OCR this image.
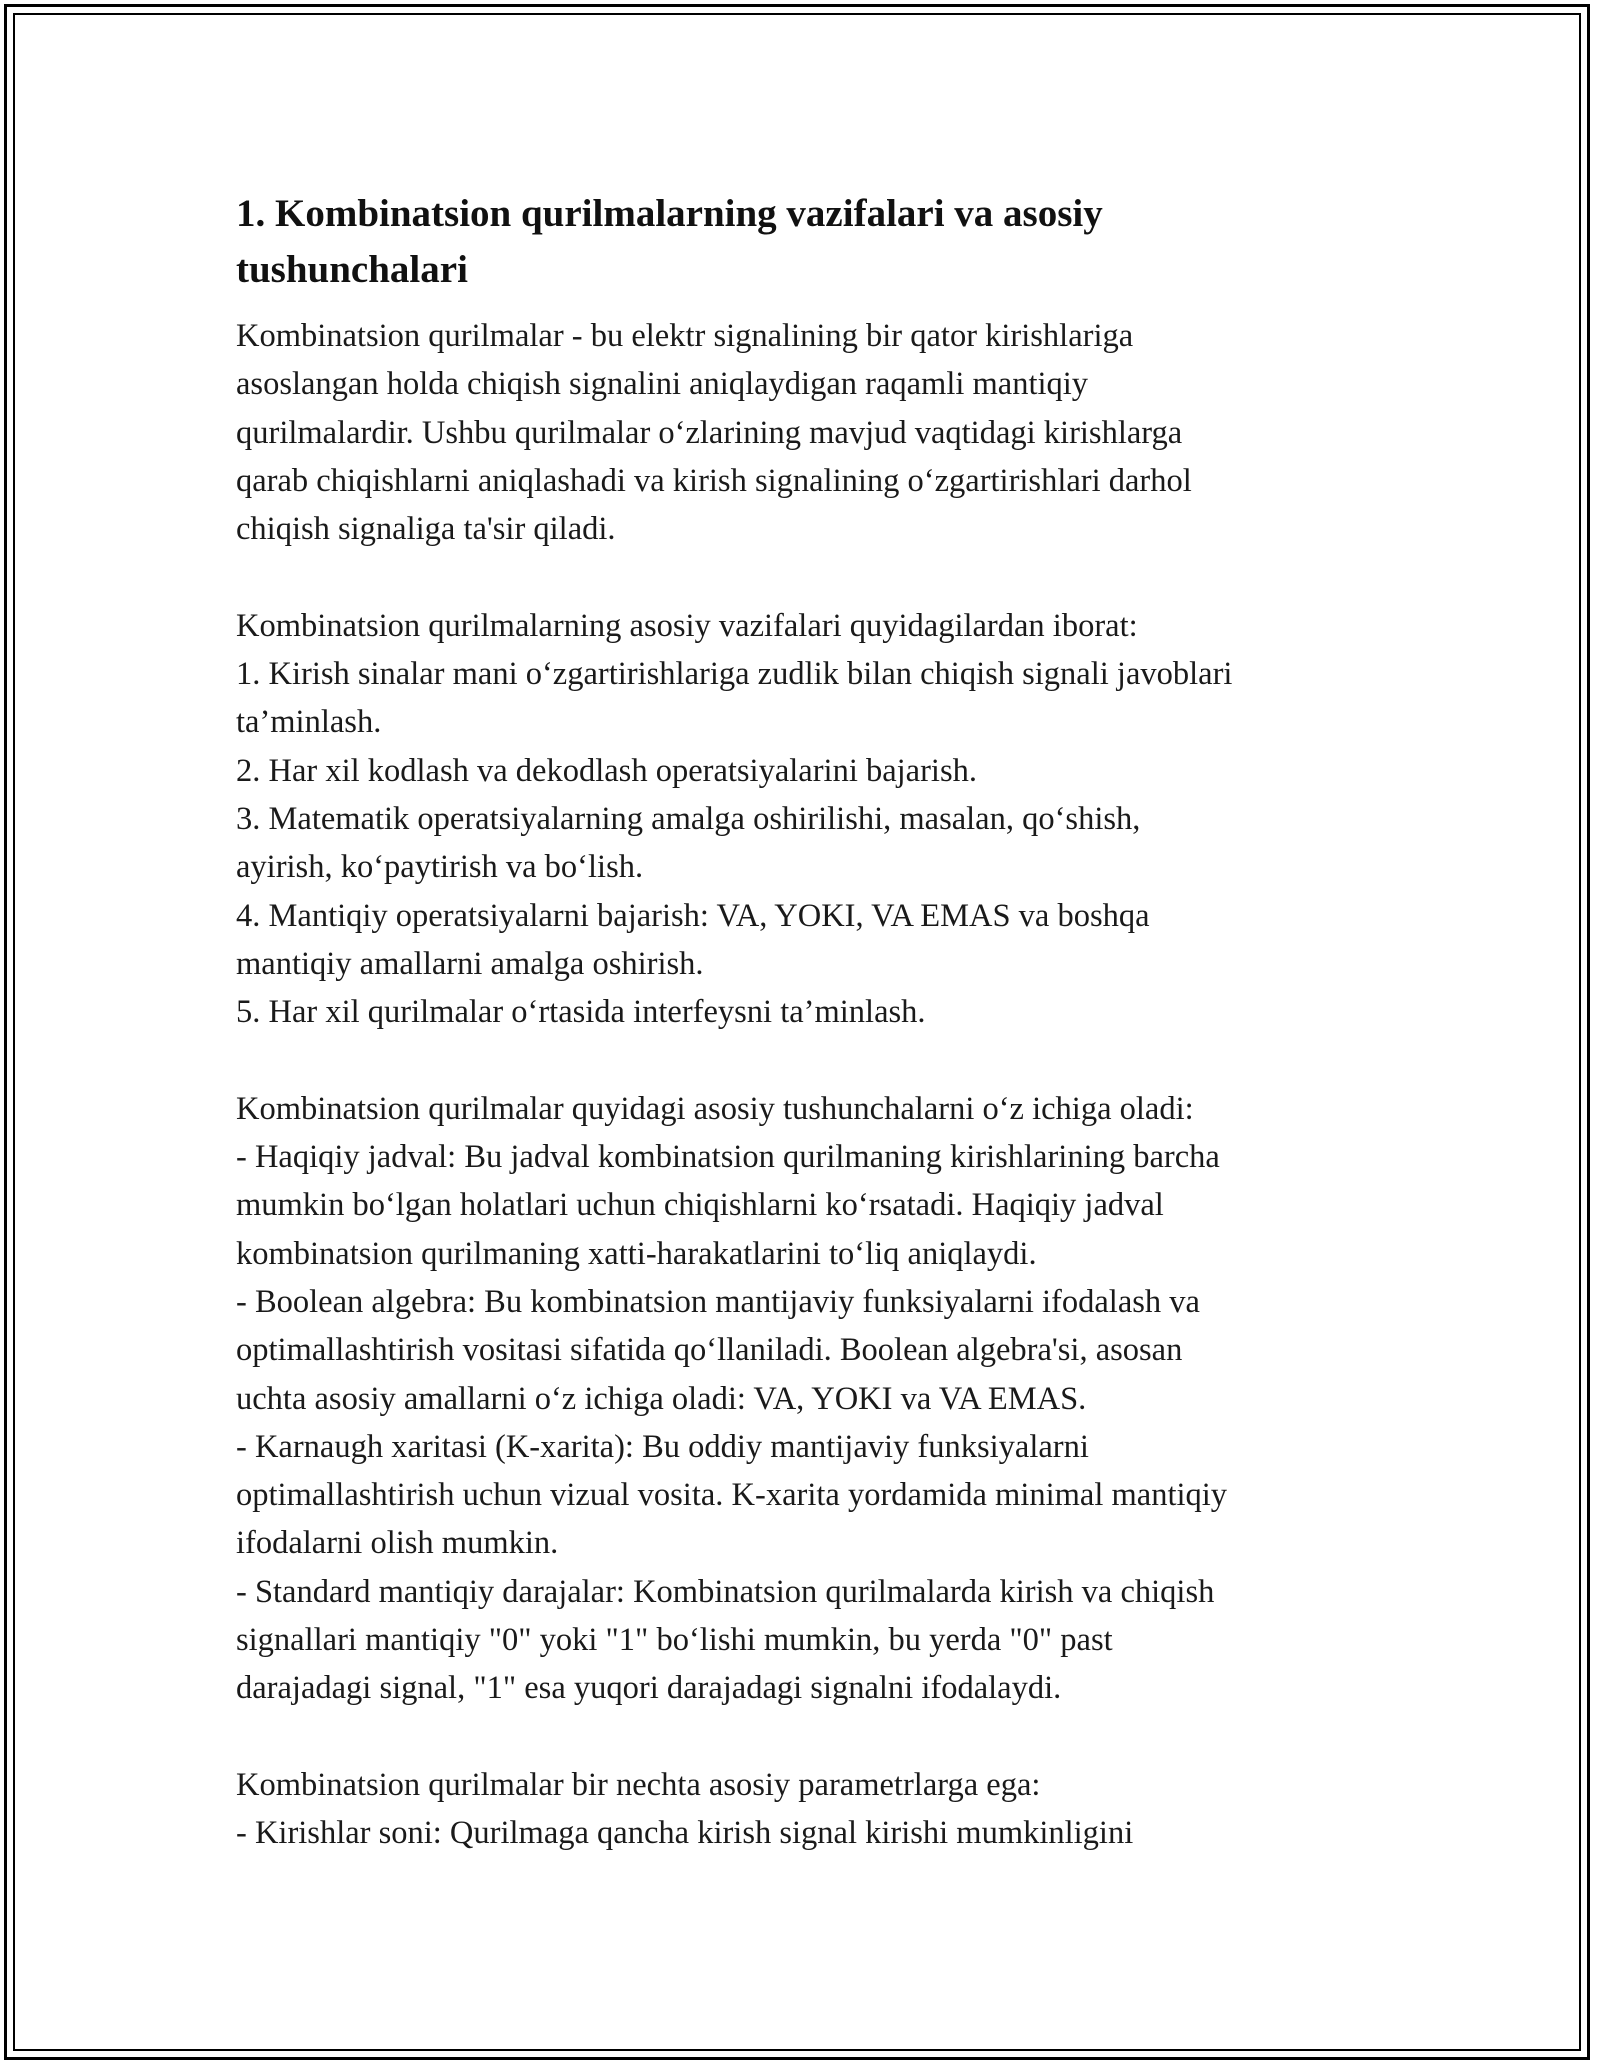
1. Kombinatsion qurilmalarning vazifalari va asosiy
tushunchalari
Kombinatsion qurilmalar - bu elektr signalining bir qator kirishlariga
asoslangan holda chiqish signalini aniqlaydigan raqamli mantiqiy
qurilmalardir. Ushbu qurilmalar o‘zlarining mavjud vaqtidagi kirishlarga
qarab chiqishlarni aniqlashadi va kirish signalining o‘zgartirishlari darhol
chiqish signaliga ta'sir qiladi.
Kombinatsion qurilmalarning asosiy vazifalari quyidagilardan iborat:
1. Kirish sinalar mani o‘zgartirishlariga zudlik bilan chiqish signali javoblari
ta’minlash.
2. Har xil kodlash va dekodlash operatsiyalarini bajarish.
3. Matematik operatsiyalarning amalga oshirilishi, masalan, qo‘shish,
ayirish, ko‘paytirish va bo‘lish.
4. Mantiqiy operatsiyalarni bajarish: VA, YOKI, VA EMAS va boshqa
mantiqiy amallarni amalga oshirish.
5. Har xil qurilmalar o‘rtasida interfeysni ta’minlash.
Kombinatsion qurilmalar quyidagi asosiy tushunchalarni o‘z ichiga oladi:
- Haqiqiy jadval: Bu jadval kombinatsion qurilmaning kirishlarining barcha
mumkin bo‘lgan holatlari uchun chiqishlarni ko‘rsatadi. Haqiqiy jadval
kombinatsion qurilmaning xatti-harakatlarini to‘liq aniqlaydi.
- Boolean algebra: Bu kombinatsion mantijaviy funksiyalarni ifodalash va
optimallashtirish vositasi sifatida qo‘llaniladi. Boolean algebra'si, asosan
uchta asosiy amallarni o‘z ichiga oladi: VA, YOKI va VA EMAS.
- Karnaugh xaritasi (K-xarita): Bu oddiy mantijaviy funksiyalarni
optimallashtirish uchun vizual vosita. K-xarita yordamida minimal mantiqiy
ifodalarni olish mumkin.
- Standard mantiqiy darajalar: Kombinatsion qurilmalarda kirish va chiqish
signallari mantiqiy "0" yoki "1" bo‘lishi mumkin, bu yerda "0" past
darajadagi signal, "1" esa yuqori darajadagi signalni ifodalaydi.
Kombinatsion qurilmalar bir nechta asosiy parametrlarga ega:
- Kirishlar soni: Qurilmaga qancha kirish signal kirishi mumkinligini
